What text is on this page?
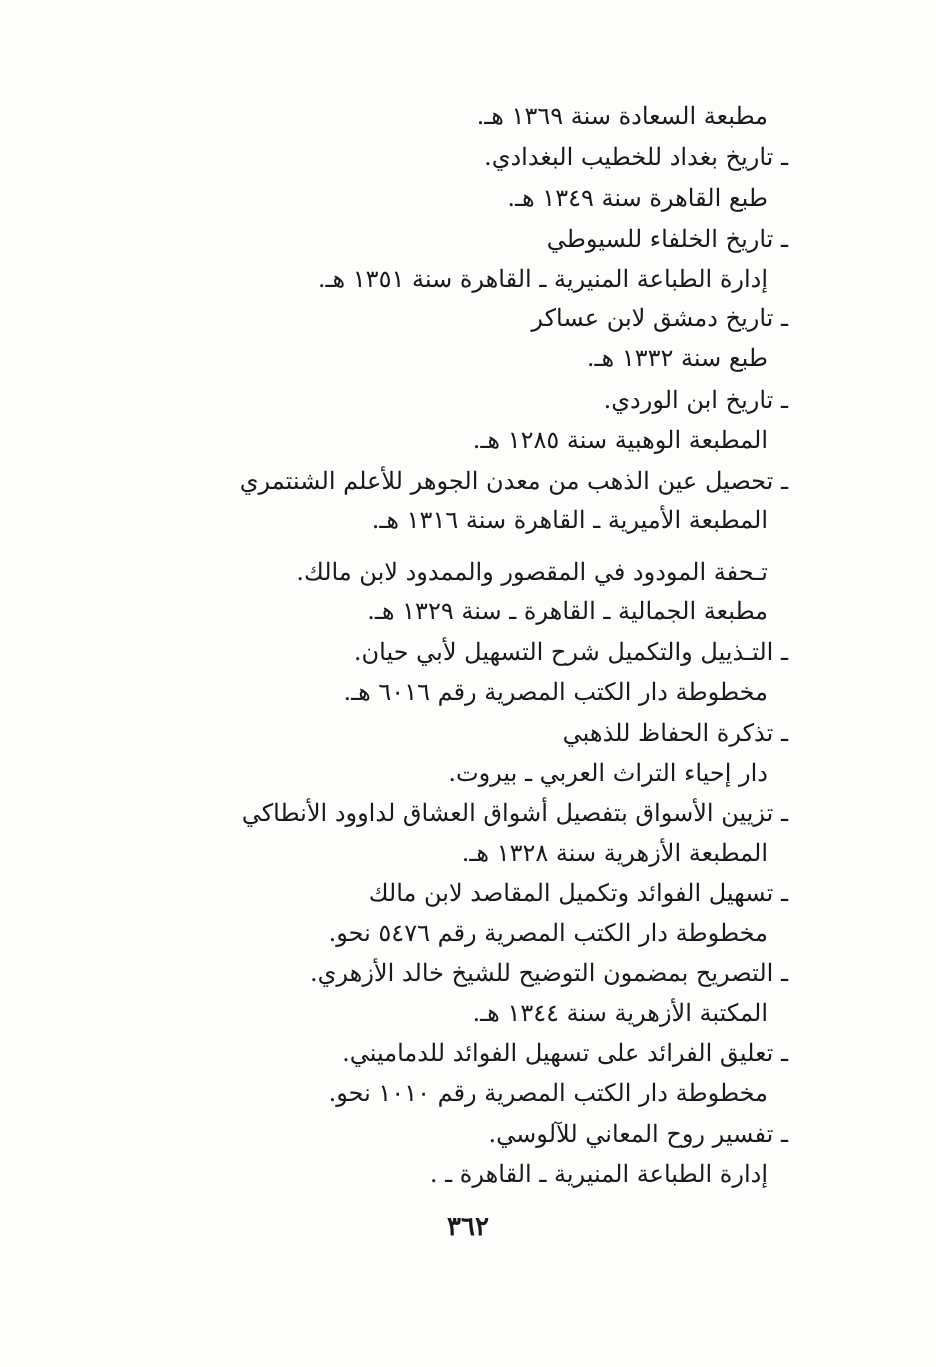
مطبعة السعادة سنة ١٣٦٩ هـ.
ـ تاريخ بغداد للخطيب البغدادي.
طبع القاهرة سنة ١٣٤٩ هـ.
ـ تاريخ الخلفاء للسيوطي
إدارة الطباعة المنيرية ـ القاهرة سنة ١٣٥١ هـ.
ـ تاريخ دمشق لابن عساكر
طبع سنة ١٣٣٢ هـ.
ـ تاريخ ابن الوردي.
المطبعة الوهبية سنة ١٢٨٥ هـ.
ـ تحصيل عين الذهب من معدن الجوهر للأعلم الشنتمري
المطبعة الأميرية ـ القاهرة سنة ١٣١٦ هـ.
تـحفة المودود في المقصور والممدود لابن مالك.
مطبعة الجمالية ـ القاهرة ـ سنة ١٣٢٩ هـ.
ـ التـذييل والتكميل شرح التسهيل لأبي حيان.
مخطوطة دار الكتب المصرية رقم ٦٠١٦ هـ.
ـ تذكرة الحفاظ للذهبي
دار إحياء التراث العربي ـ بيروت.
ـ تزيين الأسواق بتفصيل أشواق العشاق لداوود الأنطاكي
المطبعة الأزهرية سنة ١٣٢٨ هـ.
ـ تسهيل الفوائد وتكميل المقاصد لابن مالك
مخطوطة دار الكتب المصرية رقم ٥٤٧٦ نحو.
ـ التصريح بمضمون التوضيح للشيخ خالد الأزهري.
المكتبة الأزهرية سنة ١٣٤٤ هـ.
ـ تعليق الفرائد على تسهيل الفوائد للدماميني.
مخطوطة دار الكتب المصرية رقم ١٠١٠ نحو.
ـ تفسير روح المعاني للآلوسي.
إدارة الطباعة المنيرية ـ القاهرة ـ .
٣٦٢
